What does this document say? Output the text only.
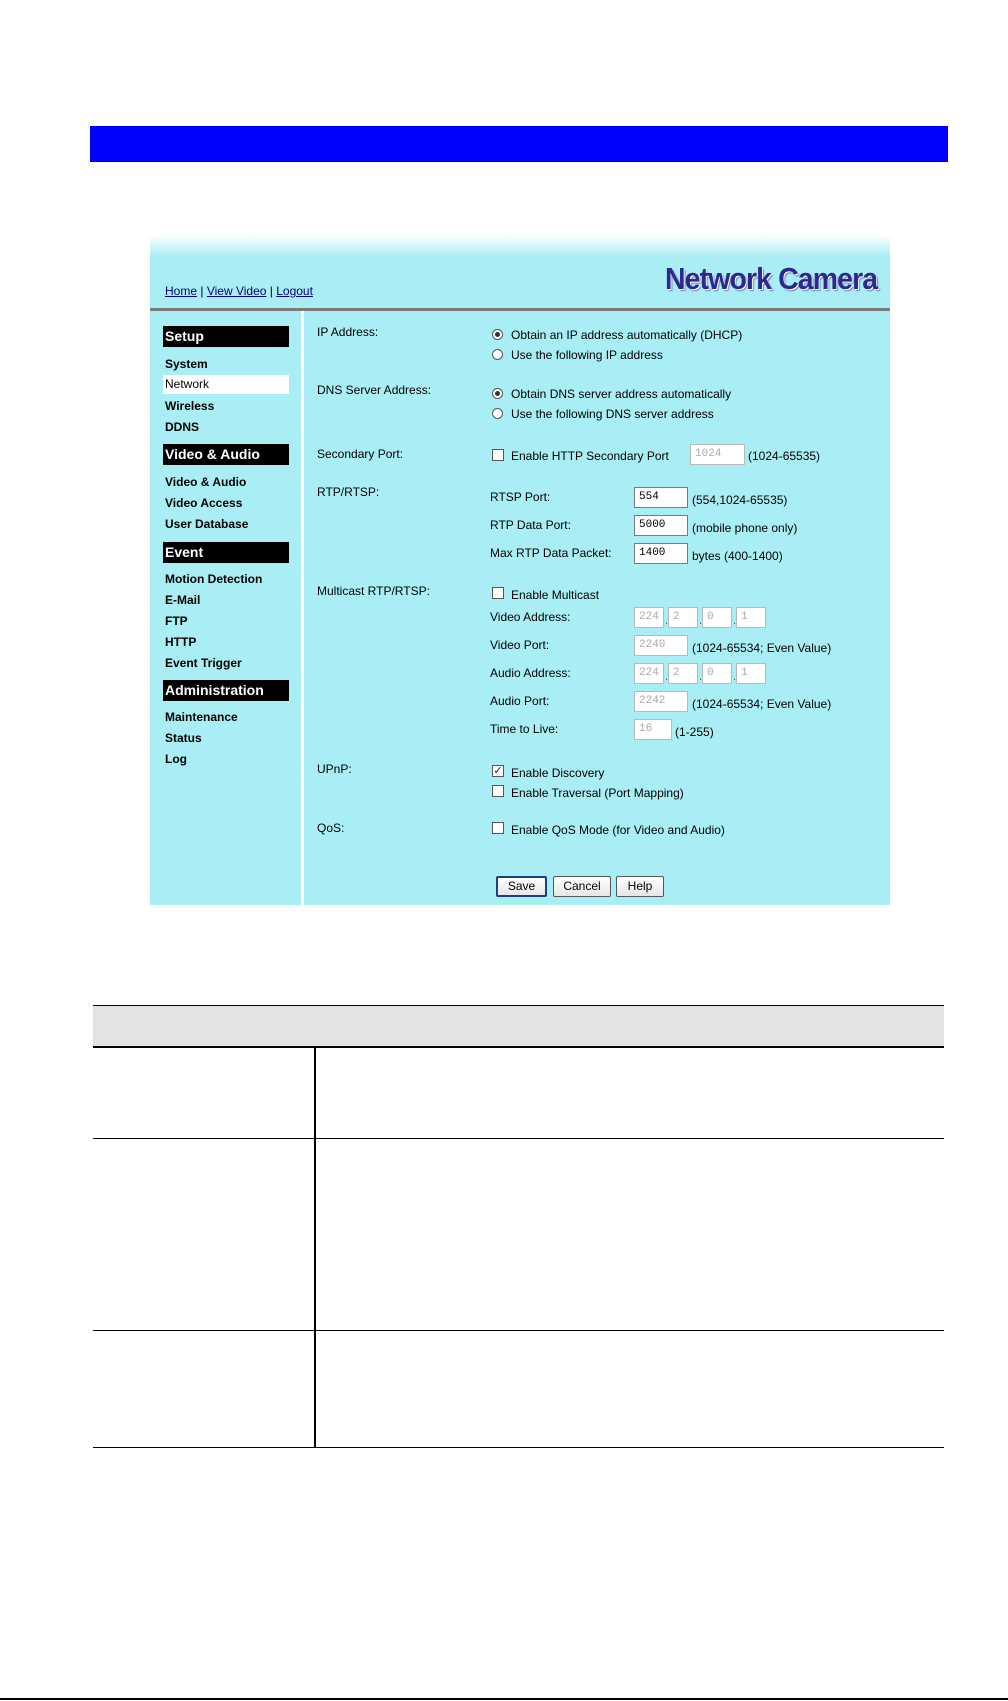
Home | View Video | Logout	Network Camera
Setup
System
Network
Wireless
DDNS
Video & Audio
Video & Audio
Video Access
User Database
Event
Motion Detection
E-Mail
FTP
HTTP
Event Trigger
Administration
Maintenance
Status
Log
IP Address:	Obtain an IP address automatically (DHCP)
Use the following IP address
DNS Server Address:	Obtain DNS server address automatically
Use the following DNS server address
Secondary Port:	Enable HTTP Secondary Port	1024	(1024-65535)
RTP/RTSP:	RTSP Port:	554	(554,1024-65535)
RTP Data Port:	5000	(mobile phone only)
Max RTP Data Packet:	1400	bytes (400-1400)
Multicast RTP/RTSP:	Enable Multicast
Video Address:	224 . 2	. 0	. 1
Video Port:	2240	(1024-65534; Even Value)
Audio Address:	224 . 2	. 0	. 1
Audio Port:	2242	(1024-65534; Even Value)
Time to Live:	16	(1-255)
UPnP:	✓ Enable Discovery
Enable Traversal (Port Mapping)
QoS:	Enable QoS Mode (for Video and Audio)
Save	Cancel	Help
